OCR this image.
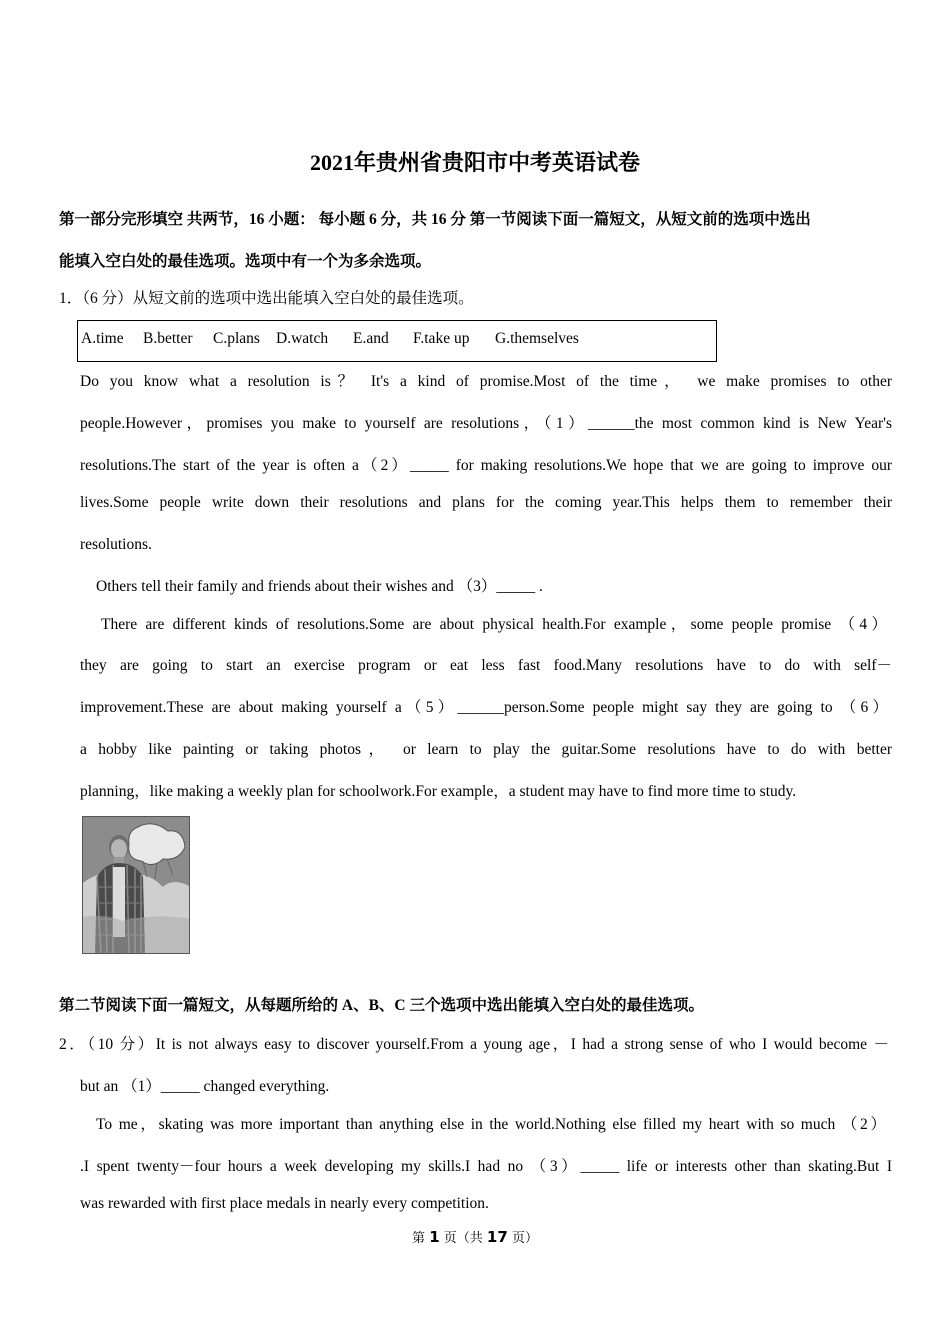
2021年贵州省贵阳市中考英语试卷
第一部分完形填空 共两节，16 小题： 每小题 6 分，共 16 分 第一节阅读下面一篇短文，从短文前的选项中选出
能填入空白处的最佳选项。选项中有一个为多余选项。
1．（6 分）从短文前的选项中选出能填入空白处的最佳选项。
A.time B.better C.plans D.watch E.and F.take up G.themselves
Do you know what a resolution is？ It's a kind of promise.Most of the time， we make promises to other
people.However，promises you make to yourself are resolutions，（1）______the most common kind is New Year's
resolutions.The start of the year is often a（2）_____ for making resolutions.We hope that we are going to improve our
lives.Some people write down their resolutions and plans for the coming year.This helps them to remember their
resolutions.
Others tell their family and friends about their wishes and （3）_____ .
There are different kinds of resolutions.Some are about physical health.For example，some people promise （4）
they are going to start an exercise program or eat less fast food.Many resolutions have to do with self－
improvement.These are about making yourself a（5）______person.Some people might say they are going to （6）
a hobby like painting or taking photos， or learn to play the guitar.Some resolutions have to do with better
planning，like making a weekly plan for schoolwork.For example，a student may have to find more time to study.
第二节阅读下面一篇短文，从每题所给的 A、B、C 三个选项中选出能填入空白处的最佳选项。
2．（10 分）It is not always easy to discover yourself.From a young age，I had a strong sense of who I would become －
but an （1）_____ changed everything.
To me，skating was more important than anything else in the world.Nothing else filled my heart with so much （2）
.I spent twenty－four hours a week developing my skills.I had no （3）_____ life or interests other than skating.But I
was rewarded with first place medals in nearly every competition.
第 1 页（共 17 页）
